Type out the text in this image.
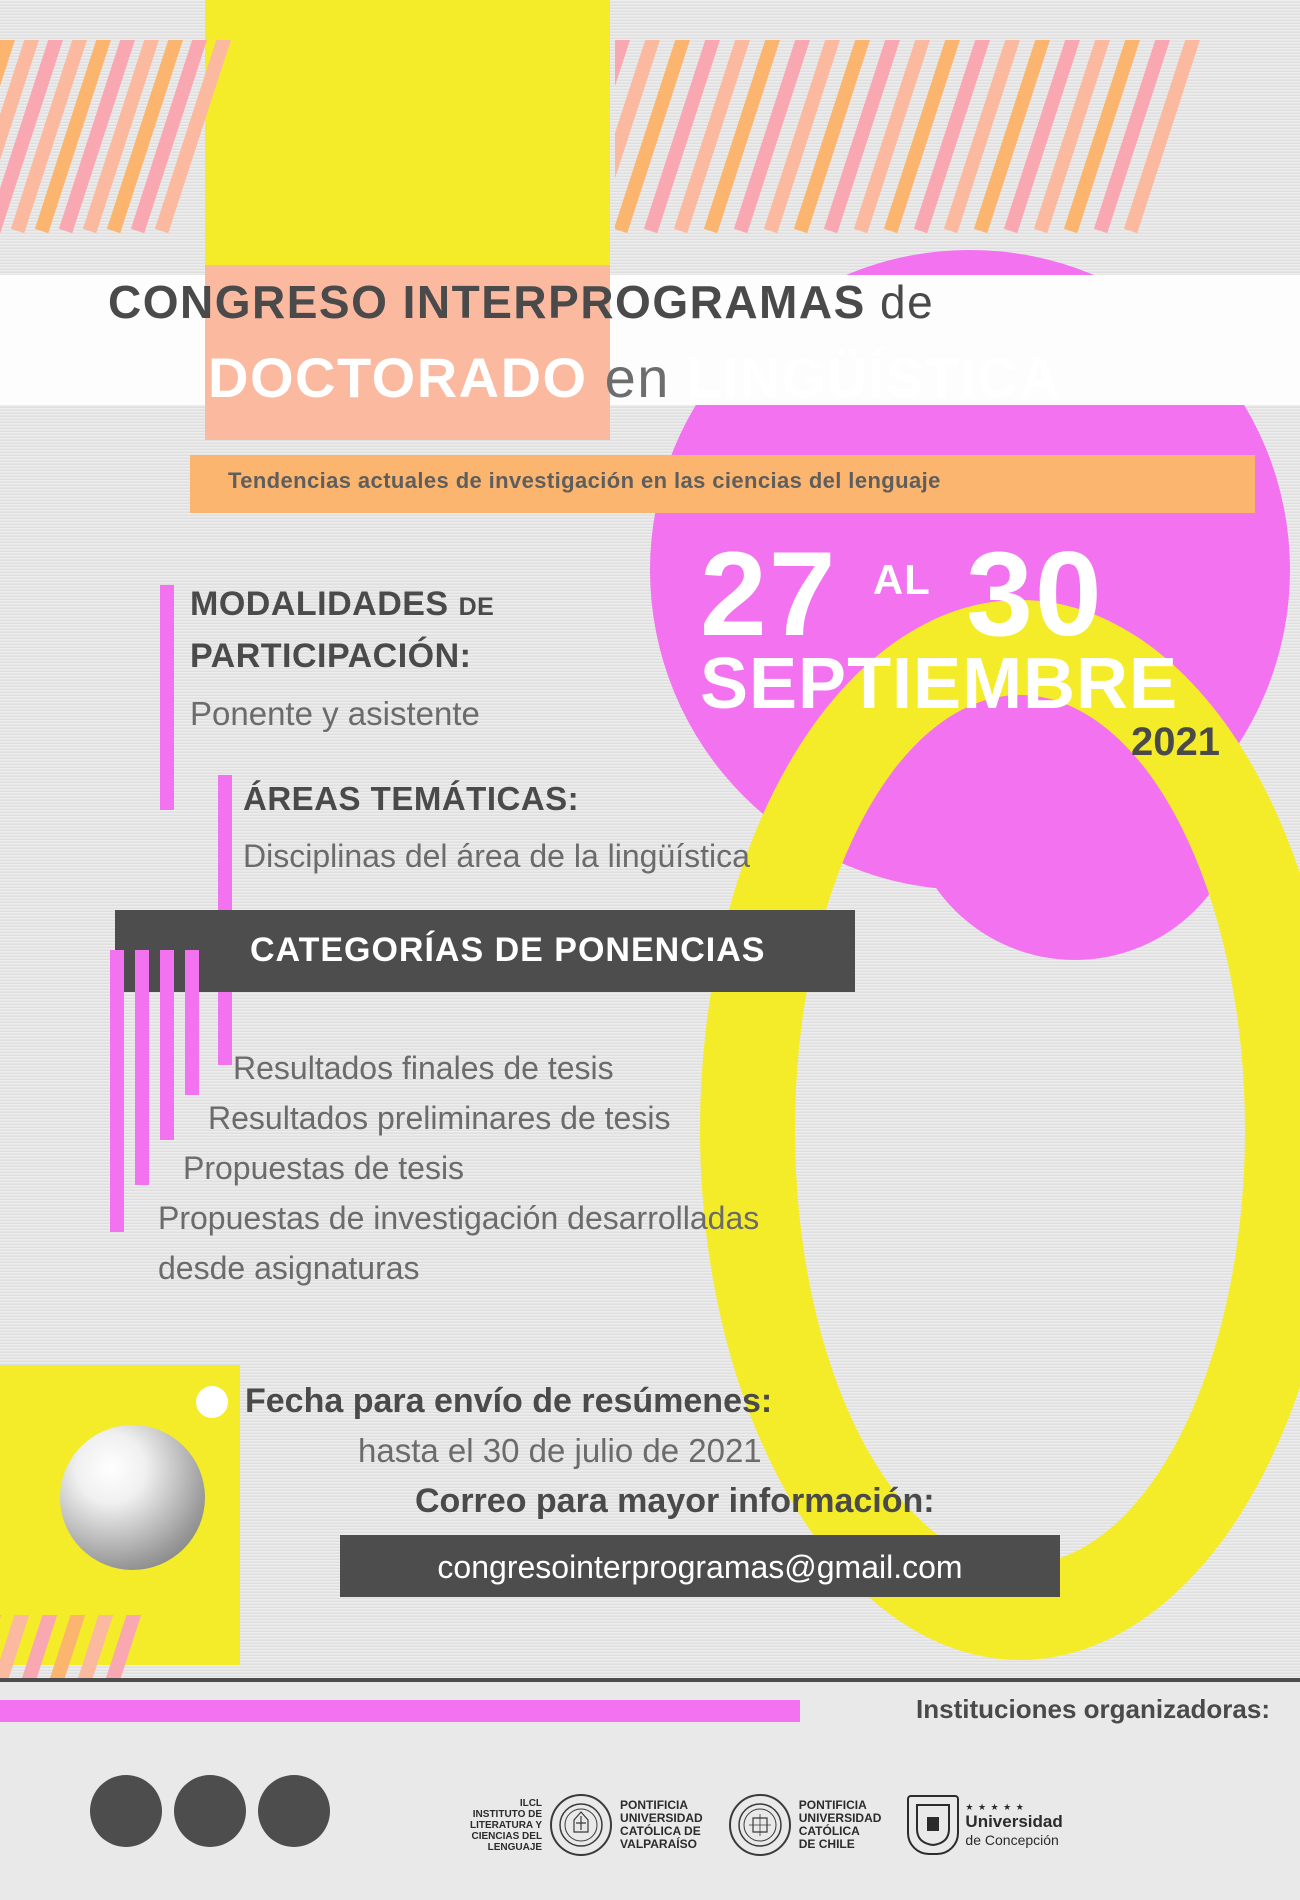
CONGRESO INTERPROGRAMAS de
DOCTORADO en LINGÜÍSTICA
Tendencias actuales de investigación en las ciencias del lenguaje
27 $^{AL}$ 30
SEPTIEMBRE
2021
MODALIDADES DE
PARTICIPACIÓN:
Ponente y asistente
ÁREAS TEMÁTICAS:
Disciplinas del área de la lingüística
CATEGORÍAS DE PONENCIAS
Resultados finales de tesis
Resultados preliminares de tesis
Propuestas de tesis
Propuestas de investigación desarrolladas
desde asignaturas
Fecha para envío de resúmenes:
hasta el 30 de julio de 2021
Correo para mayor información:
congresointerprogramas@gmail.com
Instituciones organizadoras:
ILCL
INSTITUTO DE
LITERATURA Y
CIENCIAS DEL
LENGUAJE
PONTIFICIA
UNIVERSIDAD
CATÓLICA DE
VALPARAÍSO
PONTIFICIA
UNIVERSIDAD
CATÓLICA
DE CHILE
★ ★ ★ ★ ★
Universidad
de Concepción
